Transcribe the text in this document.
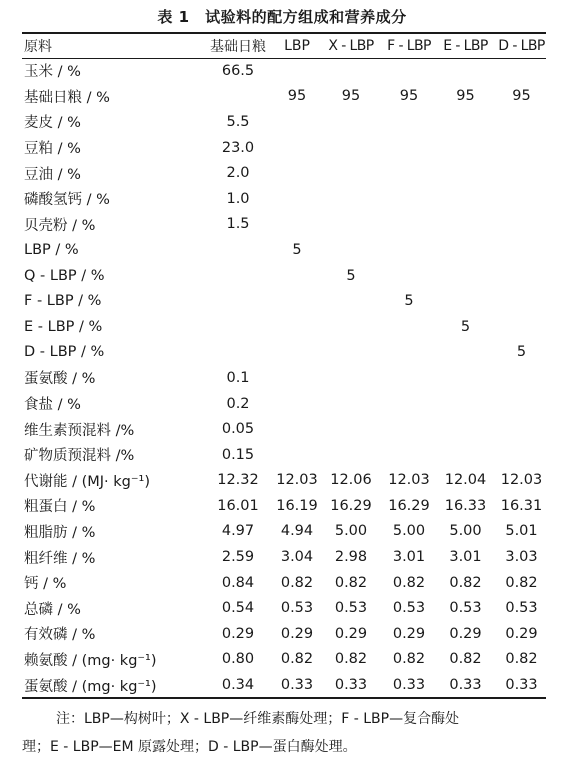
表 1　试验料的配方组成和营养成分
原料	基础日粮	LBP	X - LBP	F - LBP	E - LBP	D - LBP
玉米 / %	66.5					
基础日粮 / %		95	95	95	95	95
麦皮 / %	5.5					
豆粕 / %	23.0					
豆油 / %	2.0					
磷酸氢钙 / %	1.0					
贝壳粉 / %	1.5					
LBP / %		5				
Q - LBP / %			5			
F - LBP / %				5		
E - LBP / %					5	
D - LBP / %						5
蛋氨酸 / %	0.1					
食盐 / %	0.2					
维生素预混料 /%	0.05					
矿物质预混料 /%	0.15					
代谢能 / (MJ· kg⁻¹)	12.32	12.03	12.06	12.03	12.04	12.03
粗蛋白 / %	16.01	16.19	16.29	16.29	16.33	16.31
粗脂肪 / %	4.97	4.94	5.00	5.00	5.00	5.01
粗纤维 / %	2.59	3.04	2.98	3.01	3.01	3.03
钙 / %	0.84	0.82	0.82	0.82	0.82	0.82
总磷 / %	0.54	0.53	0.53	0.53	0.53	0.53
有效磷 / %	0.29	0.29	0.29	0.29	0.29	0.29
赖氨酸 / (mg· kg⁻¹)	0.80	0.82	0.82	0.82	0.82	0.82
蛋氨酸 / (mg· kg⁻¹)	0.34	0.33	0.33	0.33	0.33	0.33
注：LBP—构树叶；X - LBP—纤维素酶处理；F - LBP—复合酶处
理；E - LBP—EM 原露处理；D - LBP—蛋白酶处理。
